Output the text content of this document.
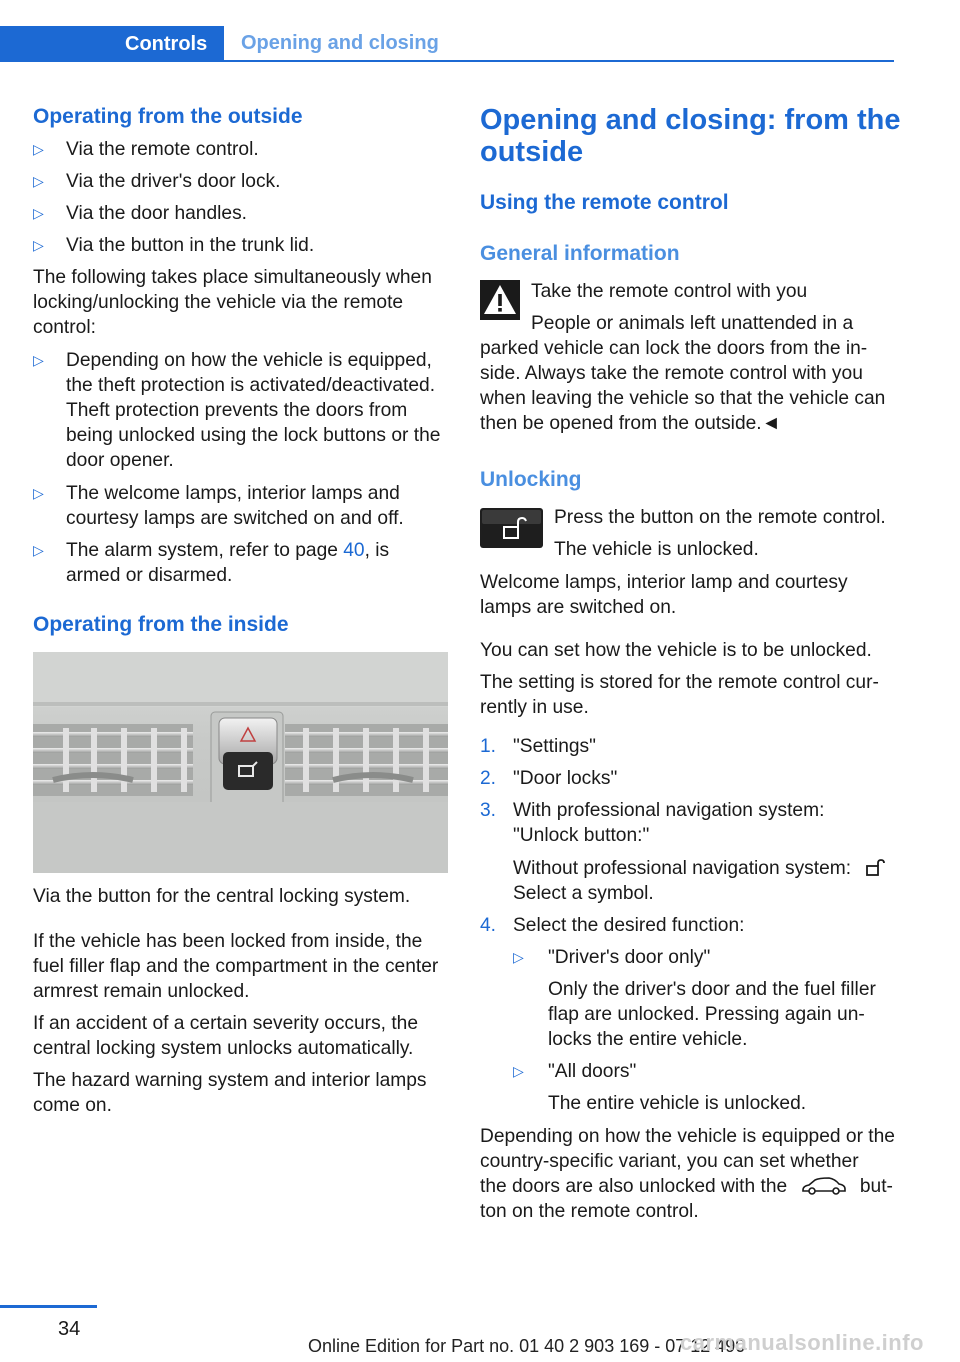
Controls	Opening and closing
Operating from the outside
▷ Via the remote control.
▷ Via the driver's door lock.
▷ Via the door handles.
▷ Via the button in the trunk lid.
The following takes place simultaneously when
locking/unlocking the vehicle via the remote
control:
▷ Depending on how the vehicle is equipped,
the theft protection is activated/deactivated.
Theft protection prevents the doors from
being unlocked using the lock buttons or the
door opener.
▷ The welcome lamps, interior lamps and
courtesy lamps are switched on and off.
▷ The alarm system, refer to page 40, is
armed or disarmed.
Operating from the inside
Via the button for the central locking system.
If the vehicle has been locked from inside, the
fuel filler flap and the compartment in the center
armrest remain unlocked.
If an accident of a certain severity occurs, the
central locking system unlocks automatically.
The hazard warning system and interior lamps
come on.
Opening and closing: from the
outside
Using the remote control
General information
Take the remote control with you
People or animals left unattended in a
parked vehicle can lock the doors from the in‐
side. Always take the remote control with you
when leaving the vehicle so that the vehicle can
then be opened from the outside.◄
Unlocking
Press the button on the remote control.
The vehicle is unlocked.
Welcome lamps, interior lamp and courtesy
lamps are switched on.
You can set how the vehicle is to be unlocked.
The setting is stored for the remote control cur‐
rently in use.
1. "Settings"
2. "Door locks"
3. With professional navigation system:
"Unlock button:"
Without professional navigation system:
Select a symbol.
4. Select the desired function:
▷ "Driver's door only"
Only the driver's door and the fuel filler
flap are unlocked. Pressing again un‐
locks the entire vehicle.
▷ "All doors"
The entire vehicle is unlocked.
Depending on how the vehicle is equipped or the
country-specific variant, you can set whether
the doors are also unlocked with the	but‐
ton on the remote control.
34
Online Edition for Part no. 01 40 2 903 169 - 07 12 490
carmanualsonline.info
